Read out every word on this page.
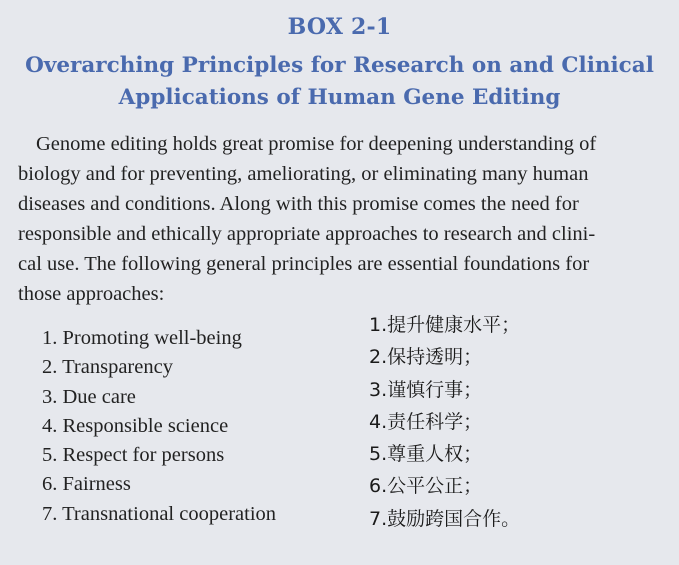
BOX 2-1
Overarching Principles for Research on and Clinical
Applications of Human Gene Editing
Genome editing holds great promise for deepening understanding of
biology and for preventing, ameliorating, or eliminating many human
diseases and conditions. Along with this promise comes the need for
responsible and ethically appropriate approaches to research and clini-
cal use. The following general principles are essential foundations for
those approaches:
1. Promoting well-being
2. Transparency
3. Due care
4. Responsible science
5. Respect for persons
6. Fairness
7. Transnational cooperation
1.提升健康水平；
2.保持透明；
3.谨慎行事；
4.责任科学；
5.尊重人权；
6.公平公正；
7.鼓励跨国合作。
